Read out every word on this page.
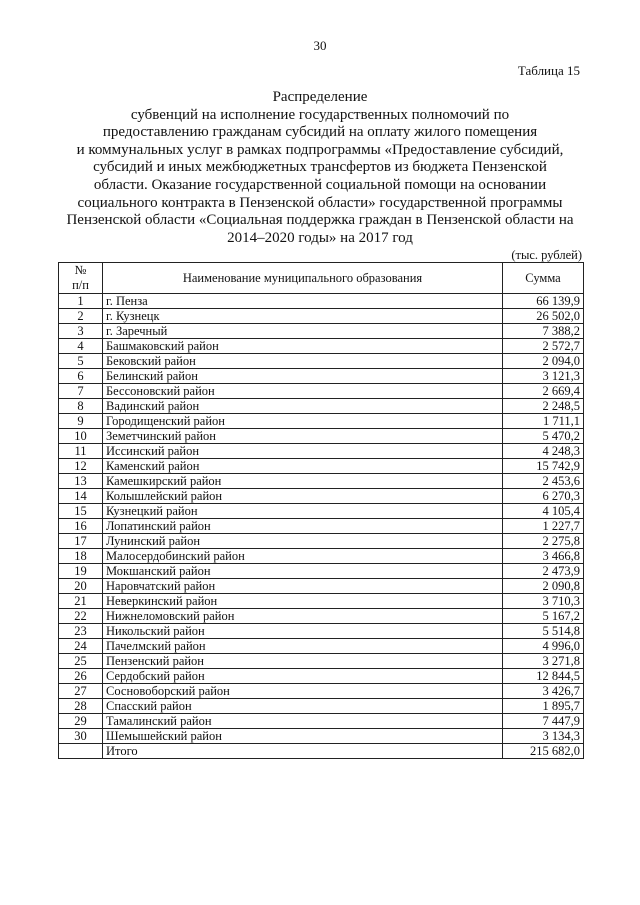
30
Таблица 15
Распределение
субвенций на исполнение государственных полномочий по
предоставлению гражданам субсидий на оплату жилого помещения
и коммунальных услуг в рамках подпрограммы «Предоставление субсидий,
субсидий и иных межбюджетных трансфертов из бюджета Пензенской
области. Оказание государственной социальной помощи на основании
социального контракта в Пензенской области» государственной программы
Пензенской области «Социальная поддержка граждан в Пензенской области на
2014–2020 годы» на 2017 год
(тыс. рублей)
№
п/п	Наименование муниципального образования	Сумма
1	г. Пенза	66 139,9
2	г. Кузнецк	26 502,0
3	г. Заречный	7 388,2
4	Башмаковский район	2 572,7
5	Бековский район	2 094,0
6	Белинский район	3 121,3
7	Бессоновский район	2 669,4
8	Вадинский район	2 248,5
9	Городищенский район	1 711,1
10	Земетчинский район	5 470,2
11	Иссинский район	4 248,3
12	Каменский район	15 742,9
13	Камешкирский район	2 453,6
14	Колышлейский район	6 270,3
15	Кузнецкий район	4 105,4
16	Лопатинский район	1 227,7
17	Лунинский район	2 275,8
18	Малосердобинский район	3 466,8
19	Мокшанский район	2 473,9
20	Наровчатский район	2 090,8
21	Неверкинский район	3 710,3
22	Нижнеломовский район	5 167,2
23	Никольский район	5 514,8
24	Пачелмский район	4 996,0
25	Пензенский район	3 271,8
26	Сердобский район	12 844,5
27	Сосновоборский район	3 426,7
28	Спасский район	1 895,7
29	Тамалинский район	7 447,9
30	Шемышейский район	3 134,3
	Итого	215 682,0
